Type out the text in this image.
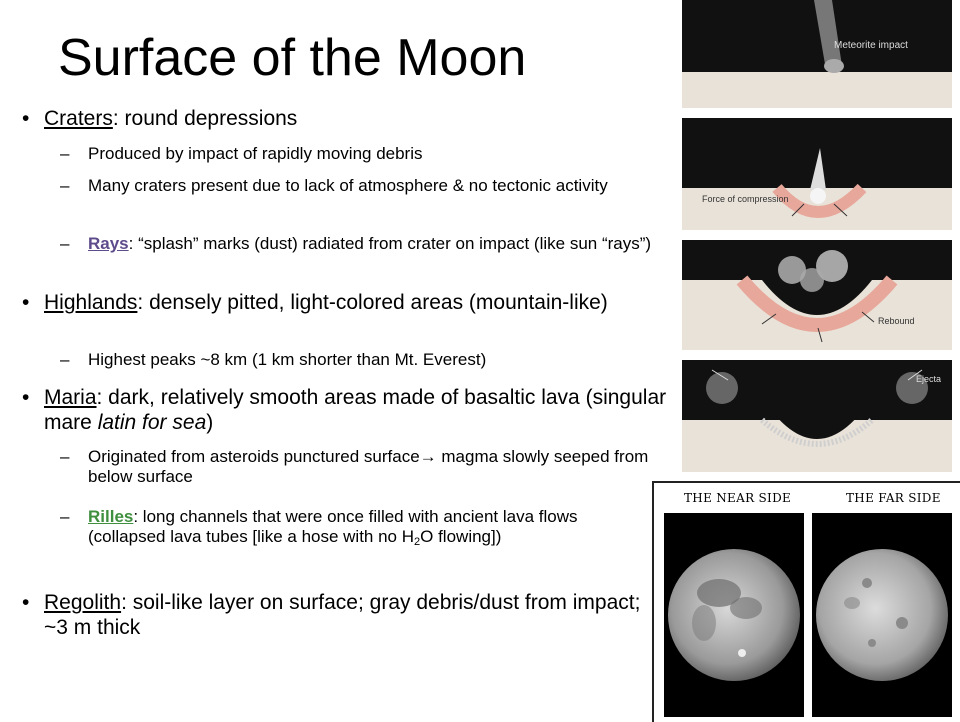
Surface of the Moon
• Craters: round depressions
– Produced by impact of rapidly moving debris
– Many craters present due to lack of atmosphere & no tectonic activity
– Rays: “splash” marks (dust) radiated from crater on impact (like sun “rays”)
• Highlands: densely pitted, light-colored areas (mountain-like)
– Highest peaks ~8 km (1 km shorter than Mt. Everest)
• Maria: dark, relatively smooth areas made of basaltic lava (singular mare latin for sea)
– Originated from asteroids punctured surface→ magma slowly seeped from below surface
– Rilles: long channels that were once filled with ancient lava flows (collapsed lava tubes [like a hose with no $H_2O$ flowing])
• Regolith: soil-like layer on surface; gray debris/dust from impact; ~3 m thick
Meteorite impact
Force of compression
Rebound
Ejecta
THE NEAR SIDE	THE FAR SIDE
